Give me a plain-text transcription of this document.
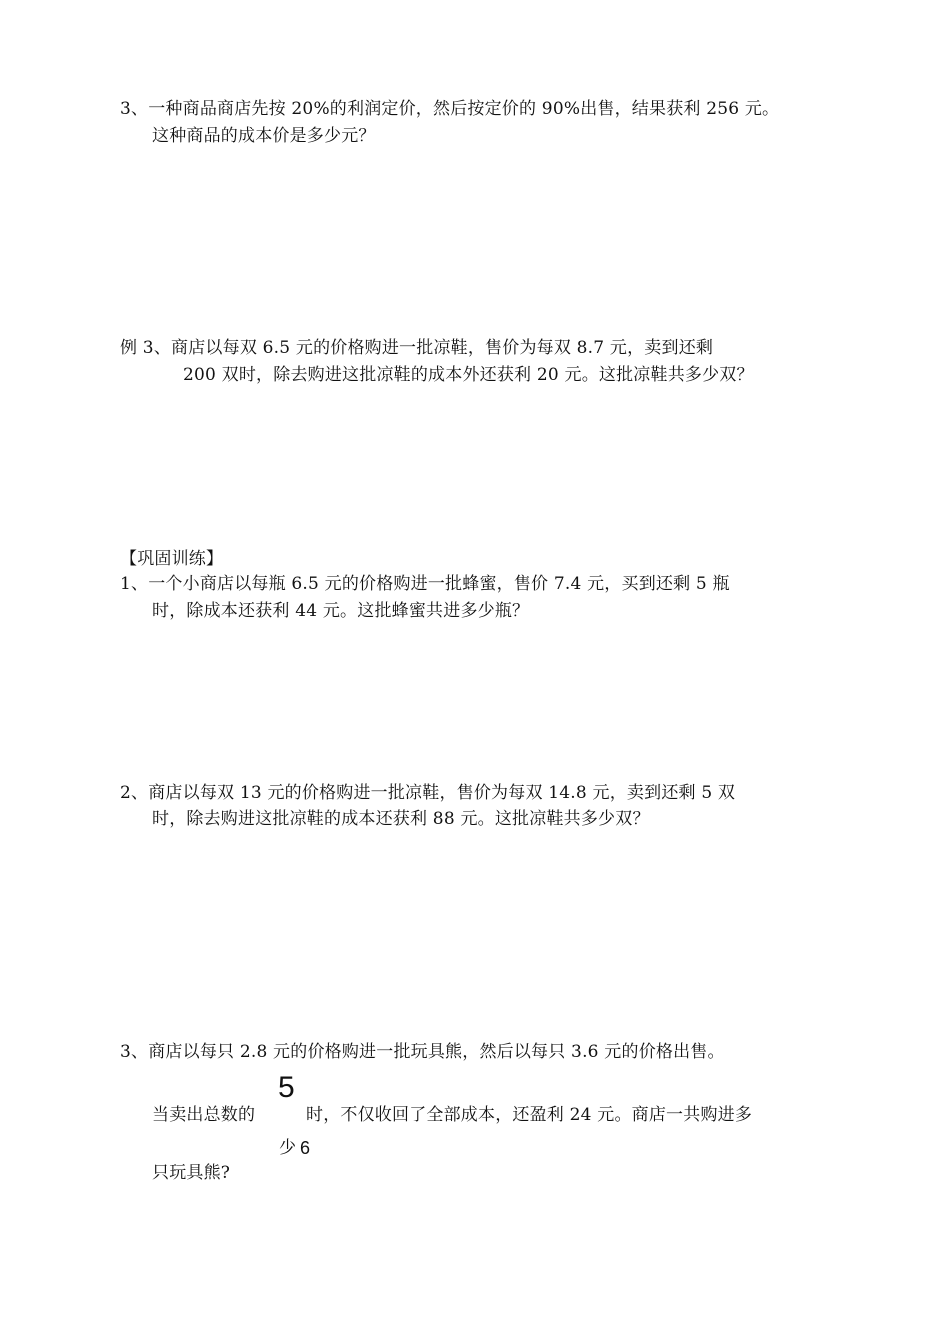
3、一种商品商店先按 20%的利润定价，然后按定价的 90%出售，结果获利 256 元。
这种商品的成本价是多少元？
例 3、商店以每双 6.5 元的价格购进一批凉鞋，售价为每双 8.7 元，卖到还剩
200 双时，除去购进这批凉鞋的成本外还获利 20 元。这批凉鞋共多少双？
【巩固训练】
1、一个小商店以每瓶 6.5 元的价格购进一批蜂蜜，售价 7.4 元，买到还剩 5 瓶
时，除成本还获利 44 元。这批蜂蜜共进多少瓶？
2、商店以每双 13 元的价格购进一批凉鞋，售价为每双 14.8 元，卖到还剩 5 双
时，除去购进这批凉鞋的成本还获利 88 元。这批凉鞋共多少双？
3、商店以每只 2.8 元的价格购进一批玩具熊，然后以每只 3.6 元的价格出售。
5
当卖出总数的	时，不仅收回了全部成本，还盈利 24 元。商店一共购进多
少 6
只玩具熊?
